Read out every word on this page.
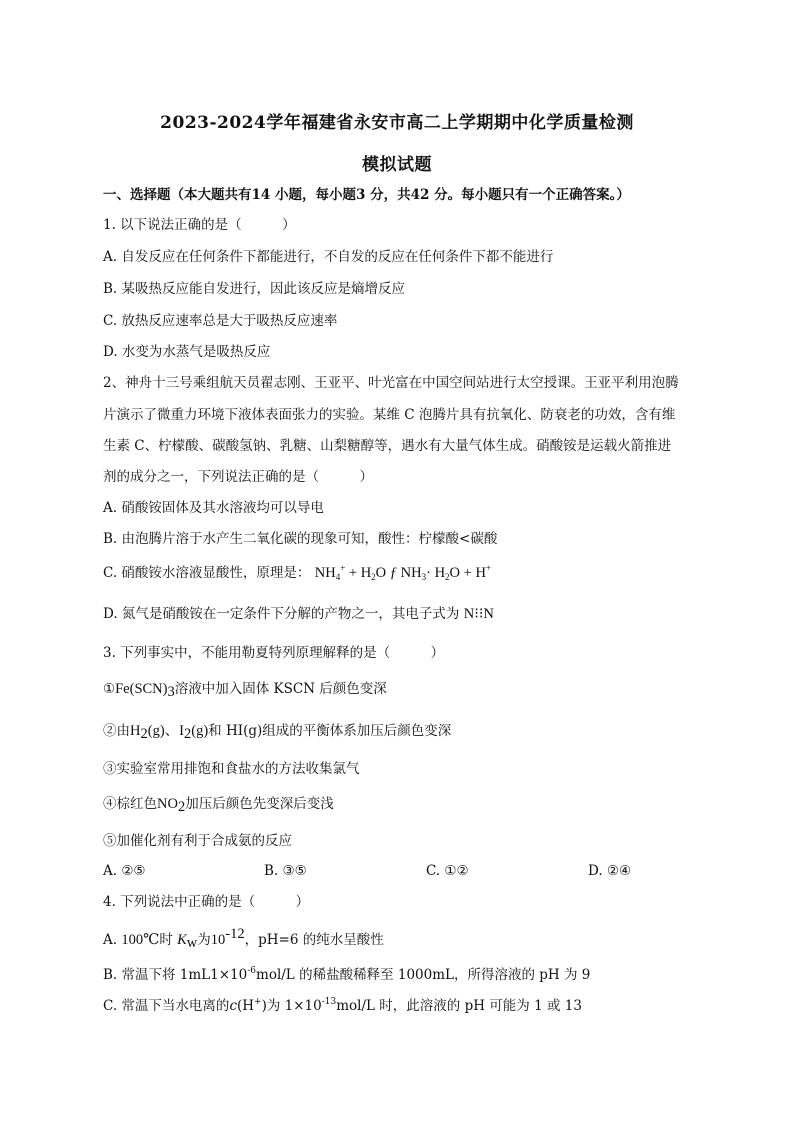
2023-2024学年福建省永安市高二上学期期中化学质量检测
模拟试题
一、选择题（本大题共有14 小题，每小题3 分，共42 分。每小题只有一个正确答案。）
1. 以下说法正确的是（　　　）
A. 自发反应在任何条件下都能进行，不自发的反应在任何条件下都不能进行
B. 某吸热反应能自发进行，因此该反应是熵增反应
C. 放热反应速率总是大于吸热反应速率
D. 水变为水蒸气是吸热反应
2、神舟十三号乘组航天员翟志刚、王亚平、叶光富在中国空间站进行太空授课。王亚平利用泡腾
片演示了微重力环境下液体表面张力的实验。某维 C 泡腾片具有抗氧化、防衰老的功效，含有维
生素 C、柠檬酸、碳酸氢钠、乳糖、山梨糖醇等，遇水有大量气体生成。硝酸铵是运载火箭推进
剂的成分之一，下列说法正确的是（　　　）
A. 硝酸铵固体及其水溶液均可以导电
B. 由泡腾片溶于水产生二氧化碳的现象可知，酸性：柠檬酸<碳酸
C. 硝酸铵水溶液显酸性，原理是： $NH_4^+ + H_2O$ ƒ $NH_3\cdot H_2O + H^+$
D. 氮气是硝酸铵在一定条件下分解的产物之一，其电子式为 N⁝⁝N
3. 下列事实中，不能用勒夏特列原理解释的是（　　　）
$①Fe(SCN)_3$溶液中加入固体 KSCN 后颜色变深
②由$H_2(g)$、$I_2(g)$和 HI(g)组成的平衡体系加压后颜色变深
③实验室常用排饱和食盐水的方法收集氯气
④棕红色$NO_2$加压后颜色先变深后变浅
⑤加催化剂有利于合成氨的反应
A. ②⑤	B. ③⑤	C. ①②	D. ②④
4. 下列说法中正确的是（　　　）
A. 100℃时 $K_w$为$10^{-12}$，pH=6 的纯水呈酸性
B. 常温下将 $1mL1\times 10^{-6}mol/L$ 的稀盐酸稀释至 1000mL，所得溶液的 pH 为 9
C. 常温下当水电离的c(H+)为 $1\times 10^{-13}mol/L$ 时，此溶液的 pH 可能为 1 或 13
